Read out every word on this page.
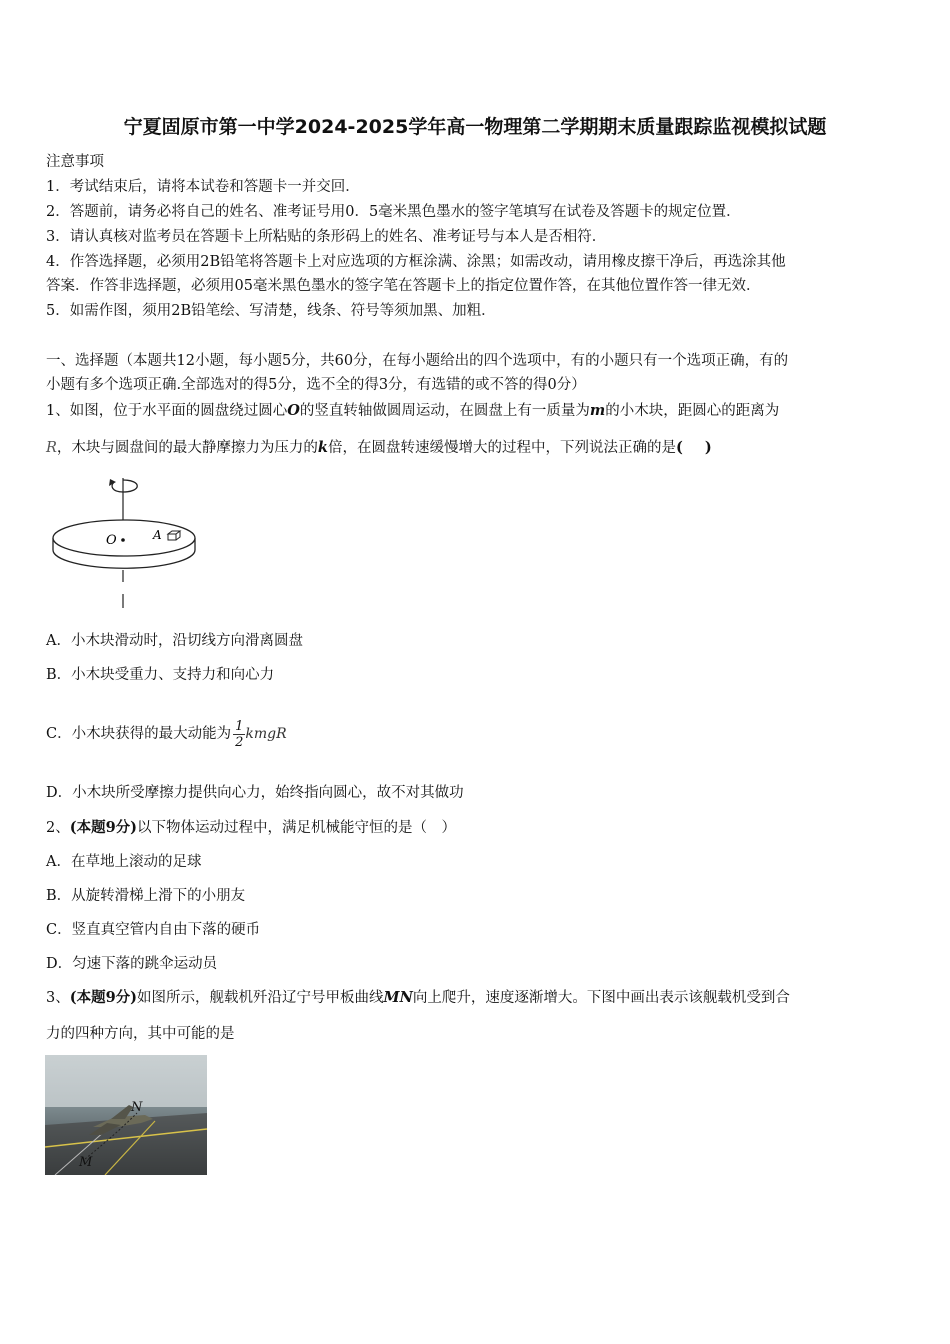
宁夏固原市第一中学2024-2025学年高一物理第二学期期末质量跟踪监视模拟试题
注意事项
1．考试结束后，请将本试卷和答题卡一并交回．
2．答题前，请务必将自己的姓名、准考证号用0．5毫米黑色墨水的签字笔填写在试卷及答题卡的规定位置．
3．请认真核对监考员在答题卡上所粘贴的条形码上的姓名、准考证号与本人是否相符．
4．作答选择题，必须用2B铅笔将答题卡上对应选项的方框涂满、涂黑；如需改动，请用橡皮擦干净后，再选涂其他
答案．作答非选择题，必须用05毫米黑色墨水的签字笔在答题卡上的指定位置作答，在其他位置作答一律无效．
5．如需作图，须用2B铅笔绘、写清楚，线条、符号等须加黑、加粗．
一、选择题（本题共12小题，每小题5分，共60分，在每小题给出的四个选项中，有的小题只有一个选项正确，有的
小题有多个选项正确.全部选对的得5分，选不全的得3分，有选错的或不答的得0分）
1、如图，位于水平面的圆盘绕过圆心O的竖直转轴做圆周运动，在圆盘上有一质量为m的小木块，距圆心的距离为
R，木块与圆盘间的最大静摩擦力为压力的k倍，在圆盘转速缓慢增大的过程中，下列说法正确的是( )
O	A
A．小木块滑动时，沿切线方向滑离圆盘
B．小木块受重力、支持力和向心力
C．小木块获得的最大动能为 $\frac{1}{2}$ kmgR
D．小木块所受摩擦力提供向心力，始终指向圆心，故不对其做功
2、(本题9分)以下物体运动过程中，满足机械能守恒的是（　）
A．在草地上滚动的足球
B．从旋转滑梯上滑下的小朋友
C．竖直真空管内自由下落的硬币
D．匀速下落的跳伞运动员
3、(本题9分)如图所示，舰载机歼沿辽宁号甲板曲线MN向上爬升，速度逐渐增大。下图中画出表示该舰载机受到合
力的四种方向，其中可能的是
N
M
